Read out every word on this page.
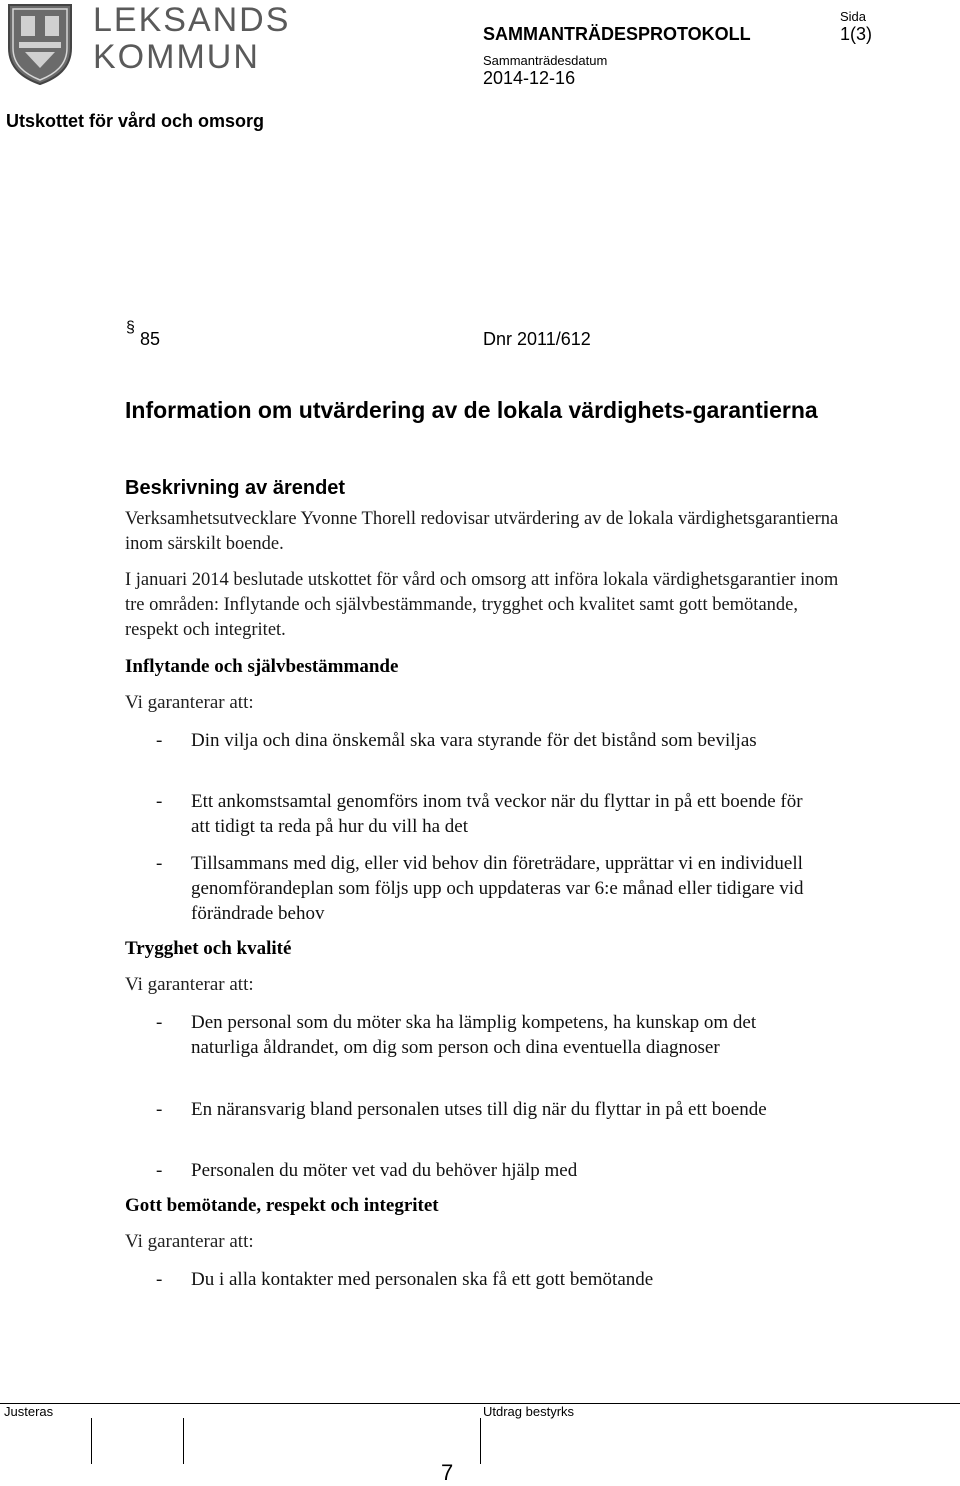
LEKSANDS
KOMMUN
SAMMANTRÄDESPROTOKOLL
Sida
1(3)
Sammanträdesdatum
2014-12-16
Utskottet för vård och omsorg
§
85	Dnr 2011/612
Information om utvärdering av de lokala värdighets-garantierna
Beskrivning av ärendet
Verksamhetsutvecklare Yvonne Thorell redovisar utvärdering av de lokala värdighetsgarantierna inom särskilt boende.
I januari 2014 beslutade utskottet för vård och omsorg att införa lokala värdighetsgarantier inom tre områden: Inflytande och självbestämmande, trygghet och kvalitet samt gott bemötande, respekt och integritet.
Inflytande och självbestämmande
Vi garanterar att:
- Din vilja och dina önskemål ska vara styrande för det bistånd som beviljas
- Ett ankomstsamtal genomförs inom två veckor när du flyttar in på ett boende för att tidigt ta reda på hur du vill ha det
- Tillsammans med dig, eller vid behov din företrädare, upprättar vi en individuell genomförandeplan som följs upp och uppdateras var 6:e månad eller tidigare vid förändrade behov
Trygghet och kvalité
Vi garanterar att:
- Den personal som du möter ska ha lämplig kompetens, ha kunskap om det naturliga åldrandet, om dig som person och dina eventuella diagnoser
- En näransvarig bland personalen utses till dig när du flyttar in på ett boende
- Personalen du möter vet vad du behöver hjälp med
Gott bemötande, respekt och integritet
Vi garanterar att:
- Du i alla kontakter med personalen ska få ett gott bemötande
Justeras	Utdrag bestyrks
7
